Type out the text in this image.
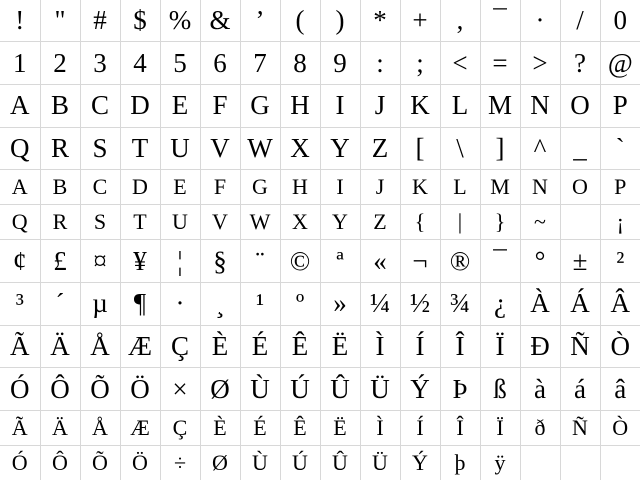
!	"	#	$	%	&	’	(	)	*	+	,	¯	·	/	0

1	2	3	4	5	6	7	8	9	:	;	<	=	>	?	@

A	B	C	D	E	F	G	H	I	J	K	L	M	N	O	P

Q	R	S	T	U	V	W	X	Y	Z	[	\	]	^	_	`

A	B	C	D	E	F	G	H	I	J	K	L	M	N	O	P

Q	R	S	T	U	V	W	X	Y	Z	{	|	}	~		¡

¢	£	¤	¥	¦	§	¨	©	ª	«	¬	®	¯	°	±	²

³	´	µ	¶	·	¸	¹	º	»	¼	½	¾	¿	À	Á	Â

Ã	Ä	Å	Æ	Ç	È	É	Ê	Ë	Ì	Í	Î	Ï	Ð	Ñ	Ò

Ó	Ô	Õ	Ö	×	Ø	Ù	Ú	Û	Ü	Ý	Þ	ß	à	á	â

Ã	Ä	Å	Æ	Ç	È	É	Ê	Ë	Ì	Í	Î	Ï	ð	Ñ	Ò

Ó	Ô	Õ	Ö	÷	Ø	Ù	Ú	Û	Ü	Ý	þ	ÿ			
